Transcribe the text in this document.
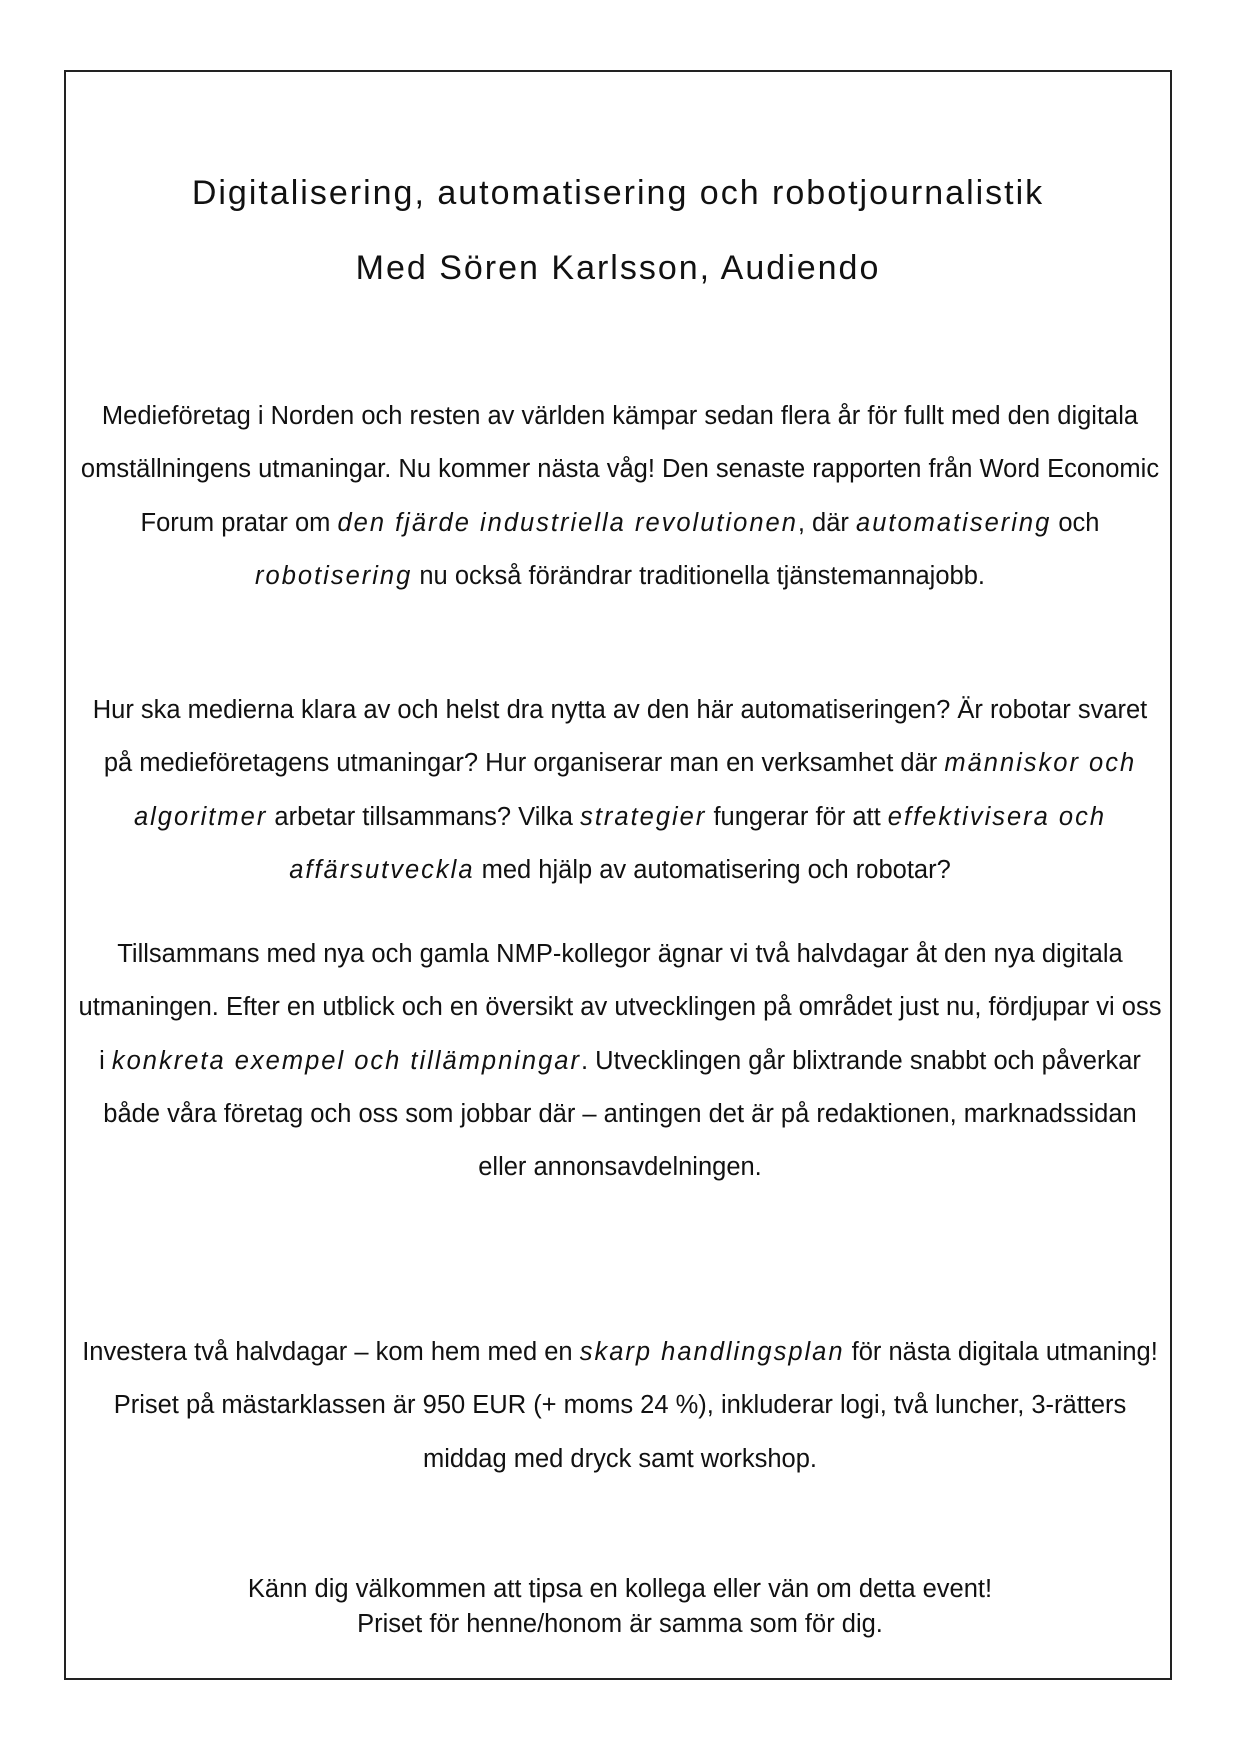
Digitalisering, automatisering och robotjournalistik
Med Sören Karlsson, Audiendo

Medieföretag i Norden och resten av världen kämpar sedan flera år för fullt med den digitala omställningens utmaningar. Nu kommer nästa våg! Den senaste rapporten från Word Economic Forum pratar om den fjärde industriella revolutionen, där automatisering och robotisering nu också förändrar traditionella tjänstemannajobb.

Hur ska medierna klara av och helst dra nytta av den här automatiseringen? Är robotar svaret på medieföretagens utmaningar? Hur organiserar man en verksamhet där människor och algoritmer arbetar tillsammans? Vilka strategier fungerar för att effektivisera och affärsutveckla med hjälp av automatisering och robotar?

Tillsammans med nya och gamla NMP-kollegor ägnar vi två halvdagar åt den nya digitala utmaningen. Efter en utblick och en översikt av utvecklingen på området just nu, fördjupar vi oss i konkreta exempel och tillämpningar. Utvecklingen går blixtrande snabbt och påverkar både våra företag och oss som jobbar där – antingen det är på redaktionen, marknadssidan eller annonsavdelningen.

Investera två halvdagar – kom hem med en skarp handlingsplan för nästa digitala utmaning! Priset på mästarklassen är 950 EUR (+ moms 24 %), inkluderar logi, två luncher, 3-rätters middag med dryck samt workshop.

Känn dig välkommen att tipsa en kollega eller vän om detta event!
Priset för henne/honom är samma som för dig.
